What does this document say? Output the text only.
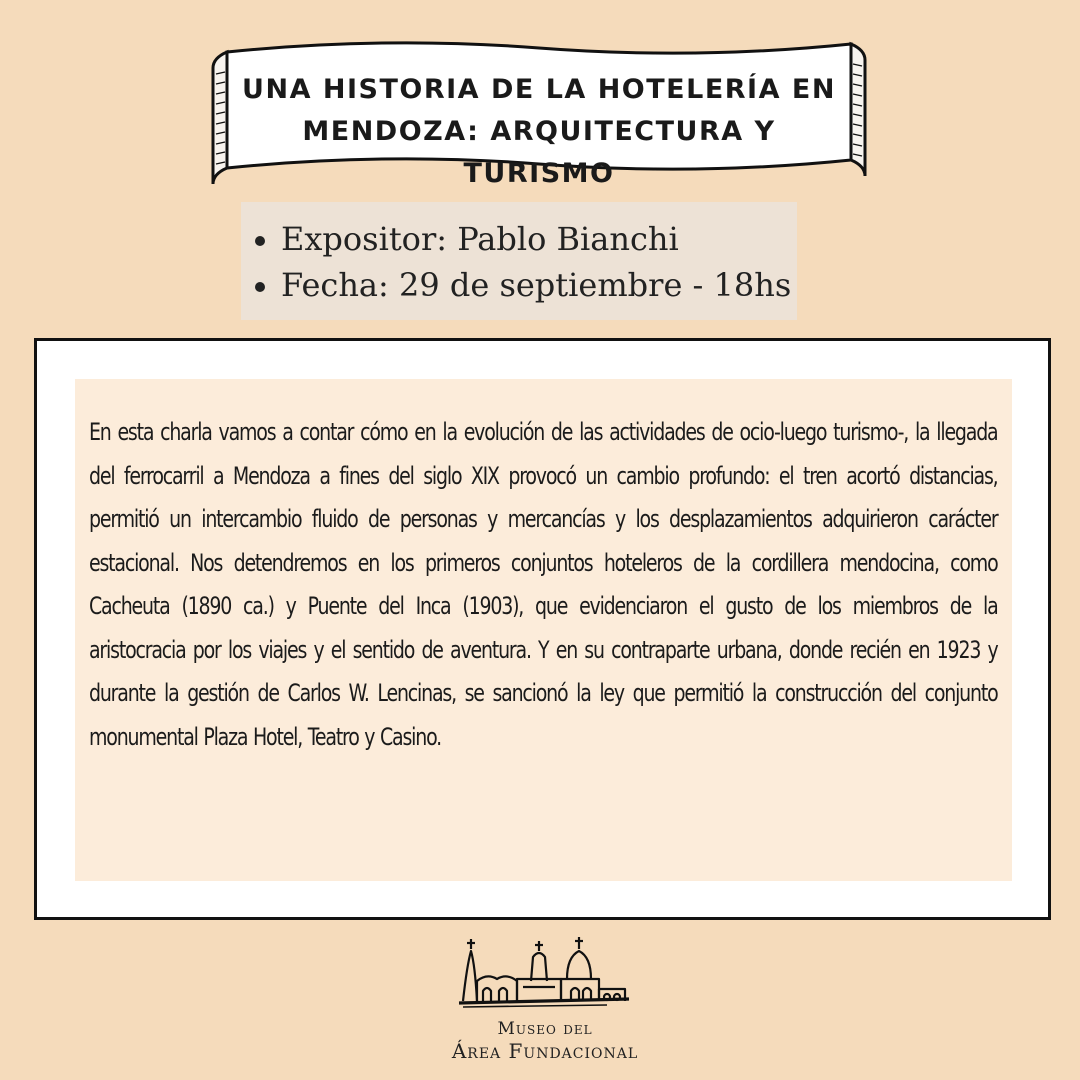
UNA HISTORIA DE LA HOTELERÍA EN
MENDOZA: ARQUITECTURA Y TURISMO
Expositor: Pablo Bianchi
Fecha: 29 de septiembre - 18hs

En esta charla vamos a contar cómo en la evolución de las actividades de ocio-luego turismo-, la llegada del ferrocarril a Mendoza a fines del siglo XIX provocó un cambio profundo: el tren acortó distancias, permitió un intercambio fluido de personas y mercancías y los desplazamientos adquirieron carácter estacional. Nos detendremos en los primeros conjuntos hoteleros de la cordillera mendocina, como Cacheuta (1890 ca.) y Puente del Inca (1903), que evidenciaron el gusto de los miembros de la aristocracia por los viajes y el sentido de aventura. Y en su contraparte urbana, donde recién en 1923 y durante la gestión de Carlos W. Lencinas, se sancionó la ley que permitió la construcción del conjunto monumental Plaza Hotel, Teatro y Casino.

Museo del
Área Fundacional
